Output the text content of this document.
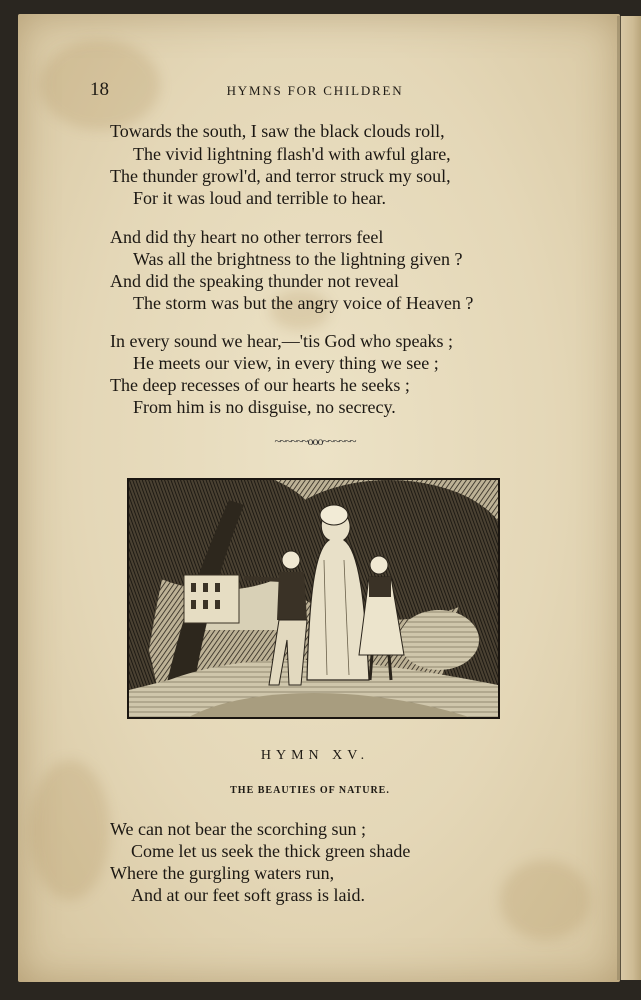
18	HYMNS FOR CHILDREN
Towards the south, I saw the black clouds roll,
The vivid lightning flash'd with awful glare,
The thunder growl'd, and terror struck my soul,
For it was loud and terrible to hear.
And did thy heart no other terrors feel
Was all the brightness to the lightning given ?
And did the speaking thunder not reveal
The storm was but the angry voice of Heaven ?
In every sound we hear,—'tis God who speaks ;
He meets our view, in every thing we see ;
The deep recesses of our hearts he seeks ;
From him is no disguise, no secrecy.
~~~~~~ooo~~~~~~
HYMN XV.
THE BEAUTIES OF NATURE.
We can not bear the scorching sun ;
Come let us seek the thick green shade
Where the gurgling waters run,
And at our feet soft grass is laid.
